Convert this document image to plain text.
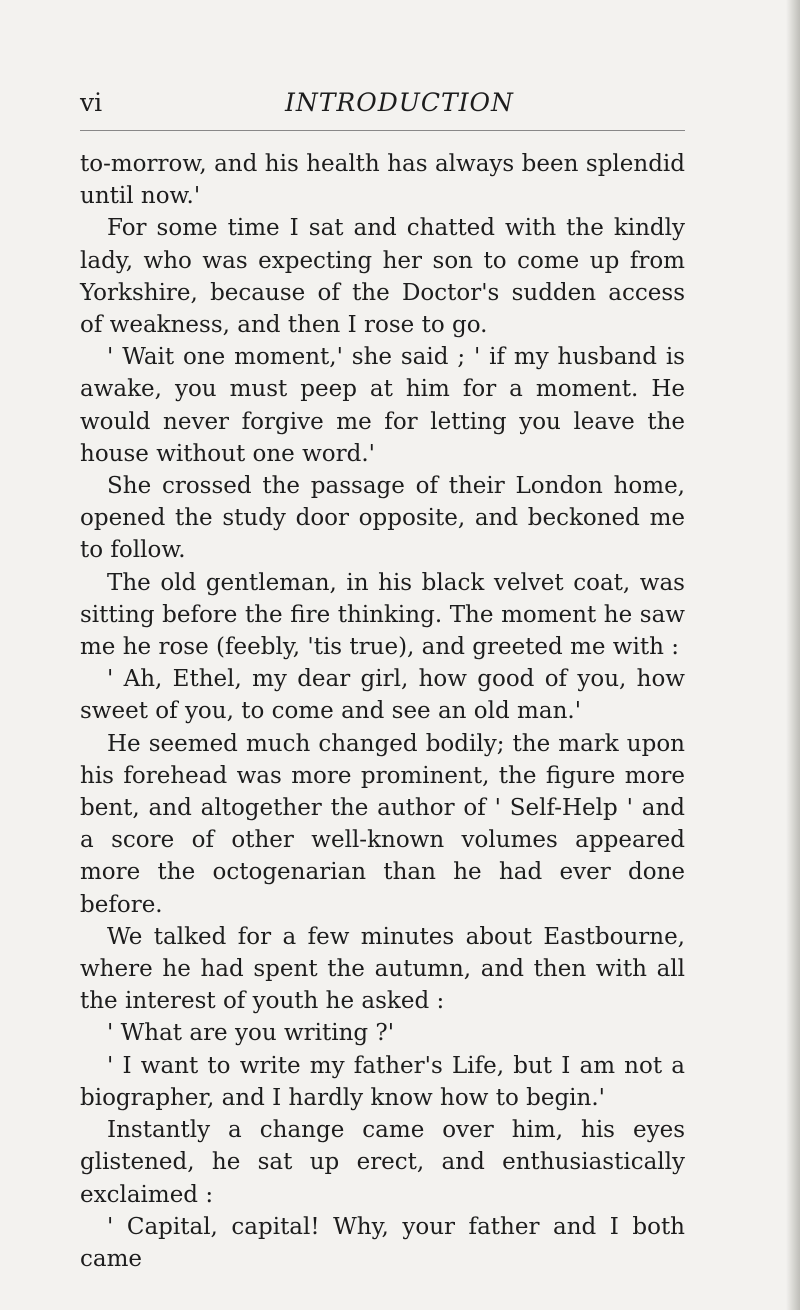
vi	INTRODUCTION

to-morrow, and his health has always been splendid until now.'

For some time I sat and chatted with the kindly lady, who was expecting her son to come up from Yorkshire, because of the Doctor's sudden access of weakness, and then I rose to go.

' Wait one moment,' she said ; ' if my husband is awake, you must peep at him for a moment. He would never forgive me for letting you leave the house without one word.'

She crossed the passage of their London home, opened the study door opposite, and beckoned me to follow.

The old gentleman, in his black velvet coat, was sitting before the fire thinking. The moment he saw me he rose (feebly, 'tis true), and greeted me with :

' Ah, Ethel, my dear girl, how good of you, how sweet of you, to come and see an old man.'

He seemed much changed bodily; the mark upon his forehead was more prominent, the figure more bent, and altogether the author of ' Self-Help ' and a score of other well-known volumes appeared more the octogenarian than he had ever done before.

We talked for a few minutes about Eastbourne, where he had spent the autumn, and then with all the interest of youth he asked :

' What are you writing ?'

' I want to write my father's Life, but I am not a biographer, and I hardly know how to begin.'

Instantly a change came over him, his eyes glistened, he sat up erect, and enthusiastically exclaimed :

' Capital, capital! Why, your father and I both came
